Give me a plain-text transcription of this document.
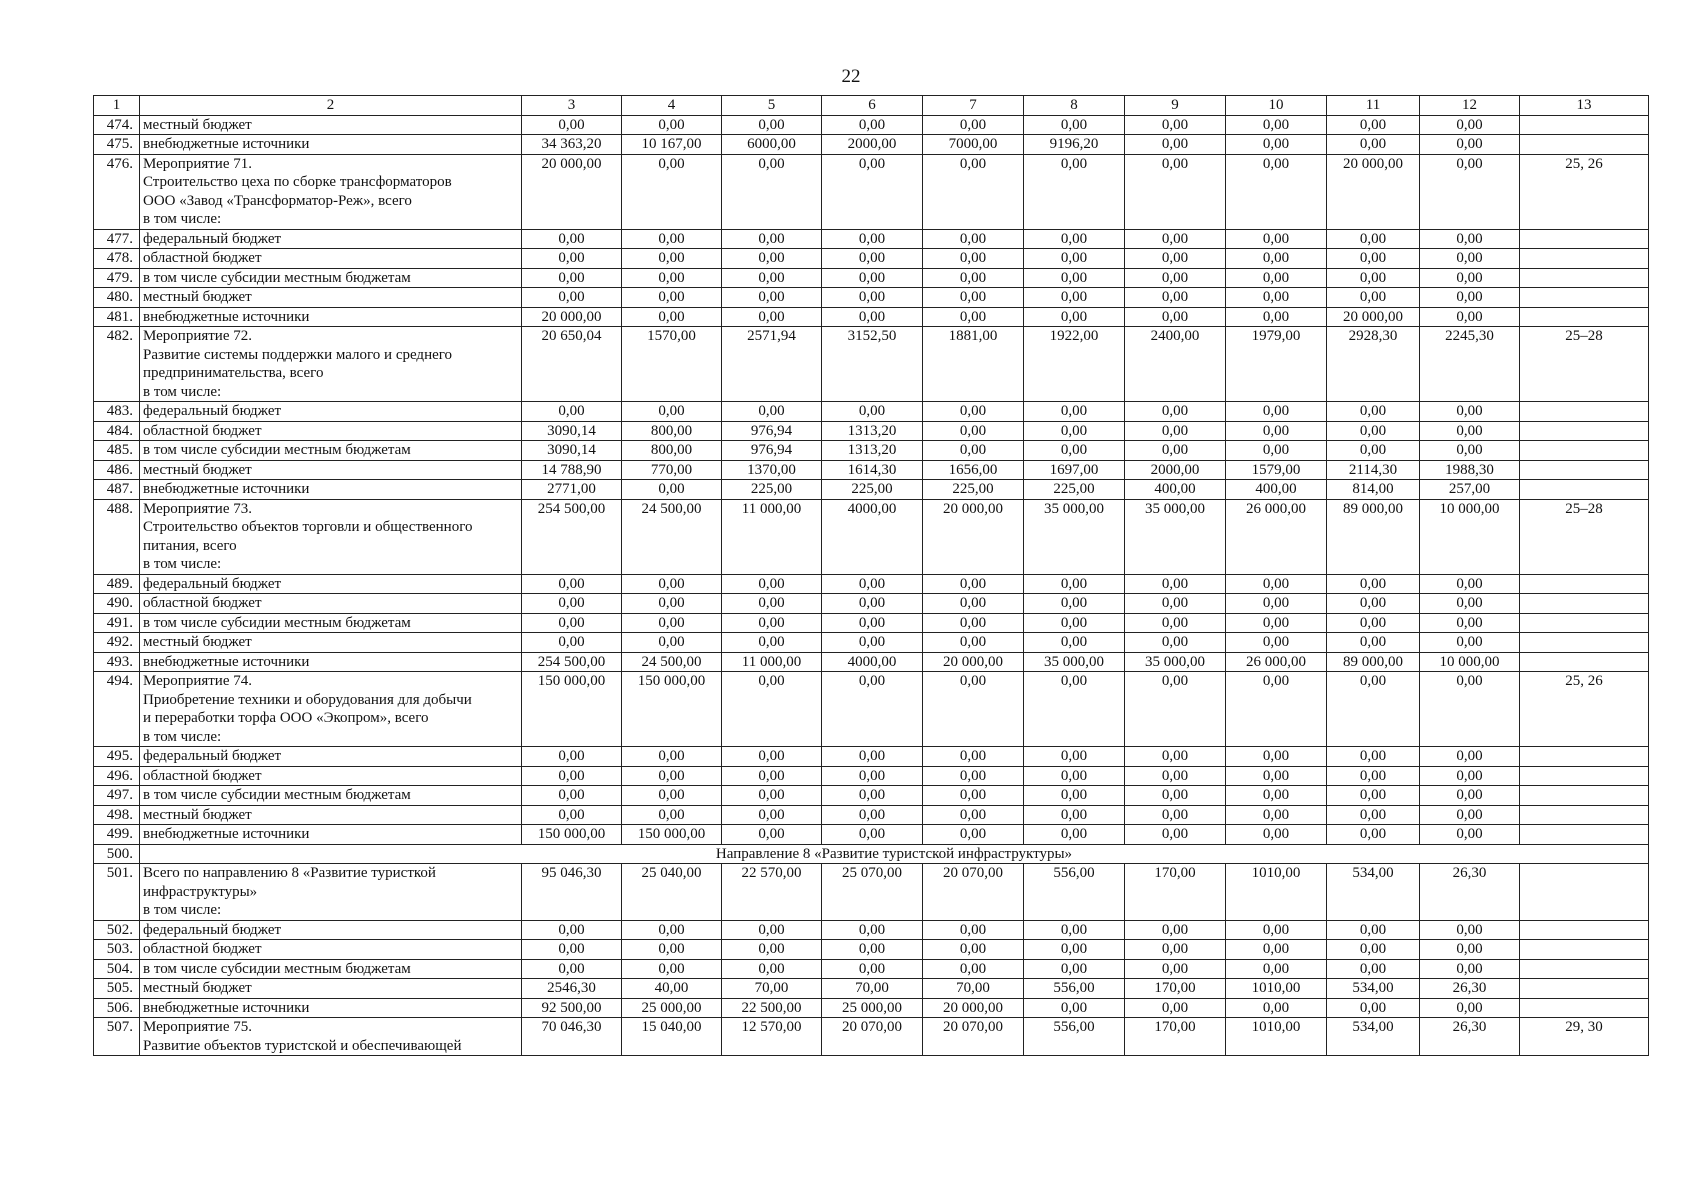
22
1	2	3	4	5	6	7	8	9	10	11	12	13
474.	местный бюджет	0,00	0,00	0,00	0,00	0,00	0,00	0,00	0,00	0,00	0,00	
475.	внебюджетные источники	34 363,20	10 167,00	6000,00	2000,00	7000,00	9196,20	0,00	0,00	0,00	0,00	
476.	Мероприятие 71.
Строительство цеха по сборке трансформаторов
ООО «Завод «Трансформатор-Реж», всего
в том числе:	20 000,00	0,00	0,00	0,00	0,00	0,00	0,00	0,00	20 000,00	0,00	25, 26
477.	федеральный бюджет	0,00	0,00	0,00	0,00	0,00	0,00	0,00	0,00	0,00	0,00	
478.	областной бюджет	0,00	0,00	0,00	0,00	0,00	0,00	0,00	0,00	0,00	0,00	
479.	в том числе субсидии местным бюджетам	0,00	0,00	0,00	0,00	0,00	0,00	0,00	0,00	0,00	0,00	
480.	местный бюджет	0,00	0,00	0,00	0,00	0,00	0,00	0,00	0,00	0,00	0,00	
481.	внебюджетные источники	20 000,00	0,00	0,00	0,00	0,00	0,00	0,00	0,00	20 000,00	0,00	
482.	Мероприятие 72.
Развитие системы поддержки малого и среднего
предпринимательства, всего
в том числе:	20 650,04	1570,00	2571,94	3152,50	1881,00	1922,00	2400,00	1979,00	2928,30	2245,30	25–28
483.	федеральный бюджет	0,00	0,00	0,00	0,00	0,00	0,00	0,00	0,00	0,00	0,00	
484.	областной бюджет	3090,14	800,00	976,94	1313,20	0,00	0,00	0,00	0,00	0,00	0,00	
485.	в том числе субсидии местным бюджетам	3090,14	800,00	976,94	1313,20	0,00	0,00	0,00	0,00	0,00	0,00	
486.	местный бюджет	14 788,90	770,00	1370,00	1614,30	1656,00	1697,00	2000,00	1579,00	2114,30	1988,30	
487.	внебюджетные источники	2771,00	0,00	225,00	225,00	225,00	225,00	400,00	400,00	814,00	257,00	
488.	Мероприятие 73.
Строительство объектов торговли и общественного
питания, всего
в том числе:	254 500,00	24 500,00	11 000,00	4000,00	20 000,00	35 000,00	35 000,00	26 000,00	89 000,00	10 000,00	25–28
489.	федеральный бюджет	0,00	0,00	0,00	0,00	0,00	0,00	0,00	0,00	0,00	0,00	
490.	областной бюджет	0,00	0,00	0,00	0,00	0,00	0,00	0,00	0,00	0,00	0,00	
491.	в том числе субсидии местным бюджетам	0,00	0,00	0,00	0,00	0,00	0,00	0,00	0,00	0,00	0,00	
492.	местный бюджет	0,00	0,00	0,00	0,00	0,00	0,00	0,00	0,00	0,00	0,00	
493.	внебюджетные источники	254 500,00	24 500,00	11 000,00	4000,00	20 000,00	35 000,00	35 000,00	26 000,00	89 000,00	10 000,00	
494.	Мероприятие 74.
Приобретение техники и оборудования для добычи
и переработки торфа ООО «Экопром», всего
в том числе:	150 000,00	150 000,00	0,00	0,00	0,00	0,00	0,00	0,00	0,00	0,00	25, 26
495.	федеральный бюджет	0,00	0,00	0,00	0,00	0,00	0,00	0,00	0,00	0,00	0,00	
496.	областной бюджет	0,00	0,00	0,00	0,00	0,00	0,00	0,00	0,00	0,00	0,00	
497.	в том числе субсидии местным бюджетам	0,00	0,00	0,00	0,00	0,00	0,00	0,00	0,00	0,00	0,00	
498.	местный бюджет	0,00	0,00	0,00	0,00	0,00	0,00	0,00	0,00	0,00	0,00	
499.	внебюджетные источники	150 000,00	150 000,00	0,00	0,00	0,00	0,00	0,00	0,00	0,00	0,00	
500.	Направление 8 «Развитие туристской инфраструктуры»											
501.	Всего по направлению 8 «Развитие туристкой
инфраструктуры»
в том числе:	95 046,30	25 040,00	22 570,00	25 070,00	20 070,00	556,00	170,00	1010,00	534,00	26,30	
502.	федеральный бюджет	0,00	0,00	0,00	0,00	0,00	0,00	0,00	0,00	0,00	0,00	
503.	областной бюджет	0,00	0,00	0,00	0,00	0,00	0,00	0,00	0,00	0,00	0,00	
504.	в том числе субсидии местным бюджетам	0,00	0,00	0,00	0,00	0,00	0,00	0,00	0,00	0,00	0,00	
505.	местный бюджет	2546,30	40,00	70,00	70,00	70,00	556,00	170,00	1010,00	534,00	26,30	
506.	внебюджетные источники	92 500,00	25 000,00	22 500,00	25 000,00	20 000,00	0,00	0,00	0,00	0,00	0,00	
507.	Мероприятие 75.
Развитие объектов туристской и обеспечивающей	70 046,30	15 040,00	12 570,00	20 070,00	20 070,00	556,00	170,00	1010,00	534,00	26,30	29, 30
